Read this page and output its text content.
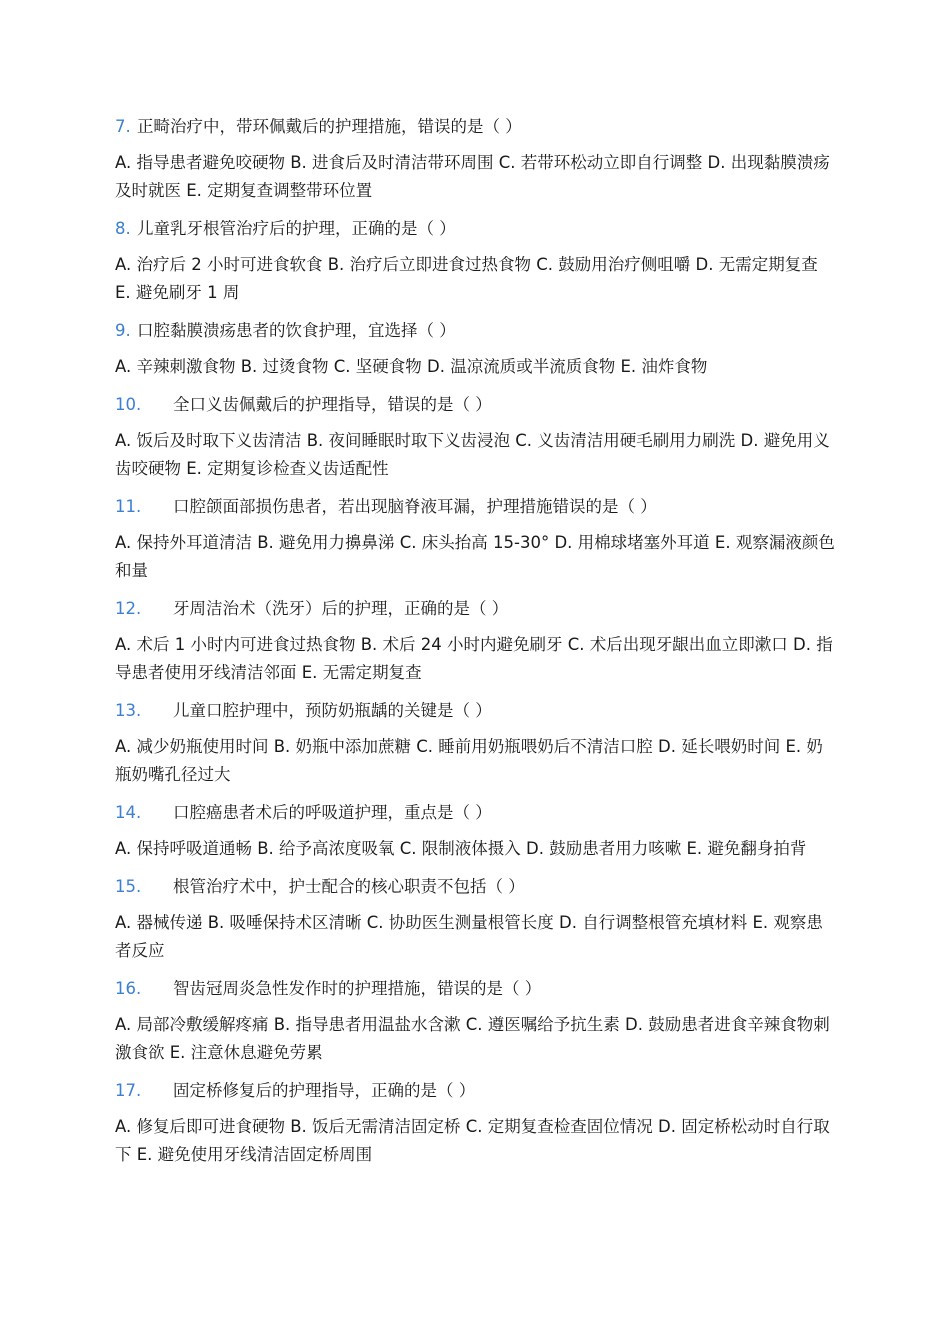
7. 正畸治疗中，带环佩戴后的护理措施，错误的是（ ）
A. 指导患者避免咬硬物 B. 进食后及时清洁带环周围 C. 若带环松动立即自行调整 D. 出现黏膜溃疡及时就医 E. 定期复查调整带环位置
8. 儿童乳牙根管治疗后的护理，正确的是（ ）
A. 治疗后 2 小时可进食软食 B. 治疗后立即进食过热食物 C. 鼓励用治疗侧咀嚼 D. 无需定期复查 E. 避免刷牙 1 周
9. 口腔黏膜溃疡患者的饮食护理，宜选择（ ）
A. 辛辣刺激食物 B. 过烫食物 C. 坚硬食物 D. 温凉流质或半流质食物 E. 油炸食物
10. 全口义齿佩戴后的护理指导，错误的是（ ）
A. 饭后及时取下义齿清洁 B. 夜间睡眠时取下义齿浸泡 C. 义齿清洁用硬毛刷用力刷洗 D. 避免用义齿咬硬物 E. 定期复诊检查义齿适配性
11. 口腔颌面部损伤患者，若出现脑脊液耳漏，护理措施错误的是（ ）
A. 保持外耳道清洁 B. 避免用力擤鼻涕 C. 床头抬高 15-30° D. 用棉球堵塞外耳道 E. 观察漏液颜色和量
12. 牙周洁治术（洗牙）后的护理，正确的是（ ）
A. 术后 1 小时内可进食过热食物 B. 术后 24 小时内避免刷牙 C. 术后出现牙龈出血立即漱口 D. 指导患者使用牙线清洁邻面 E. 无需定期复查
13. 儿童口腔护理中，预防奶瓶龋的关键是（ ）
A. 减少奶瓶使用时间 B. 奶瓶中添加蔗糖 C. 睡前用奶瓶喂奶后不清洁口腔 D. 延长喂奶时间 E. 奶瓶奶嘴孔径过大
14. 口腔癌患者术后的呼吸道护理，重点是（ ）
A. 保持呼吸道通畅 B. 给予高浓度吸氧 C. 限制液体摄入 D. 鼓励患者用力咳嗽 E. 避免翻身拍背
15. 根管治疗术中，护士配合的核心职责不包括（ ）
A. 器械传递 B. 吸唾保持术区清晰 C. 协助医生测量根管长度 D. 自行调整根管充填材料 E. 观察患者反应
16. 智齿冠周炎急性发作时的护理措施，错误的是（ ）
A. 局部冷敷缓解疼痛 B. 指导患者用温盐水含漱 C. 遵医嘱给予抗生素 D. 鼓励患者进食辛辣食物刺激食欲 E. 注意休息避免劳累
17. 固定桥修复后的护理指导，正确的是（ ）
A. 修复后即可进食硬物 B. 饭后无需清洁固定桥 C. 定期复查检查固位情况 D. 固定桥松动时自行取下 E. 避免使用牙线清洁固定桥周围
